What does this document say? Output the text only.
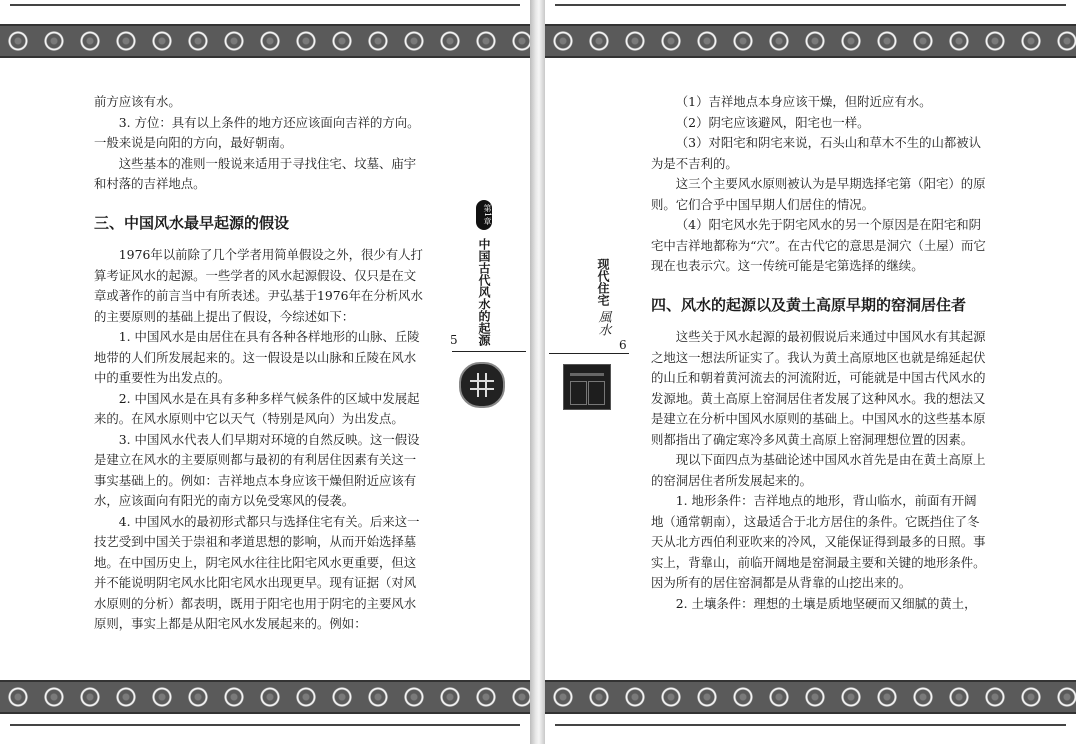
前方应该有水。

3. 方位：具有以上条件的地方还应该面向吉祥的方向。一般来说是向阳的方向，最好朝南。

这些基本的准则一般说来适用于寻找住宅、坟墓、庙宇和村落的吉祥地点。

三、中国风水最早起源的假设

1976年以前除了几个学者用简单假设之外，很少有人打算考证风水的起源。一些学者的风水起源假设、仅只是在文章或著作的前言当中有所表述。尹弘基于1976年在分析风水的主要原则的基础上提出了假设，今综述如下：

1. 中国风水是由居住在具有各种各样地形的山脉、丘陵地带的人们所发展起来的。这一假设是以山脉和丘陵在风水中的重要性为出发点的。

2. 中国风水是在具有多种多样气候条件的区域中发展起来的。在风水原则中它以天气（特别是风向）为出发点。

3. 中国风水代表人们早期对环境的自然反映。这一假设是建立在风水的主要原则都与最初的有利居住因素有关这一事实基础上的。例如：吉祥地点本身应该干燥但附近应该有水，应该面向有阳光的南方以免受寒风的侵袭。

4. 中国风水的最初形式都只与选择住宅有关。后来这一技艺受到中国关于崇祖和孝道思想的影响，从而开始选择墓地。在中国历史上，阴宅风水往往比阳宅风水更重要，但这并不能说明阴宅风水比阳宅风水出现更早。现有证据（对风水原则的分析）都表明，既用于阳宅也用于阴宅的主要风水原则，事实上都是从阳宅风水发展起来的。例如：

第1章
中国古代风水的起源
5
现代住宅
風水
6

（1）吉祥地点本身应该干燥，但附近应有水。

（2）阴宅应该避风，阳宅也一样。

（3）对阳宅和阴宅来说，石头山和草木不生的山都被认为是不吉利的。

这三个主要风水原则被认为是早期选择宅第（阳宅）的原则。它们合乎中国早期人们居住的情况。

（4）阳宅风水先于阴宅风水的另一个原因是在阳宅和阴宅中吉祥地都称为“穴”。在古代它的意思是洞穴（土屋）而它现在也表示穴。这一传统可能是宅第选择的继续。

四、风水的起源以及黄土高原早期的窑洞居住者

这些关于风水起源的最初假说后来通过中国风水有其起源之地这一想法所证实了。我认为黄土高原地区也就是绵延起伏的山丘和朝着黄河流去的河流附近，可能就是中国古代风水的发源地。黄土高原上窑洞居住者发展了这种风水。我的想法又是建立在分析中国风水原则的基础上。中国风水的这些基本原则都指出了确定寒冷多风黄土高原上窑洞理想位置的因素。

现以下面四点为基础论述中国风水首先是由在黄土高原上的窑洞居住者所发展起来的。

1. 地形条件：吉祥地点的地形，背山临水，前面有开阔地（通常朝南），这最适合于北方居住的条件。它既挡住了冬天从北方西伯利亚吹来的冷风，又能保证得到最多的日照。事实上，背靠山，前临开阔地是窑洞最主要和关键的地形条件。因为所有的居住窑洞都是从背靠的山挖出来的。

2. 土壤条件：理想的土壤是质地坚硬而又细腻的黄土，
